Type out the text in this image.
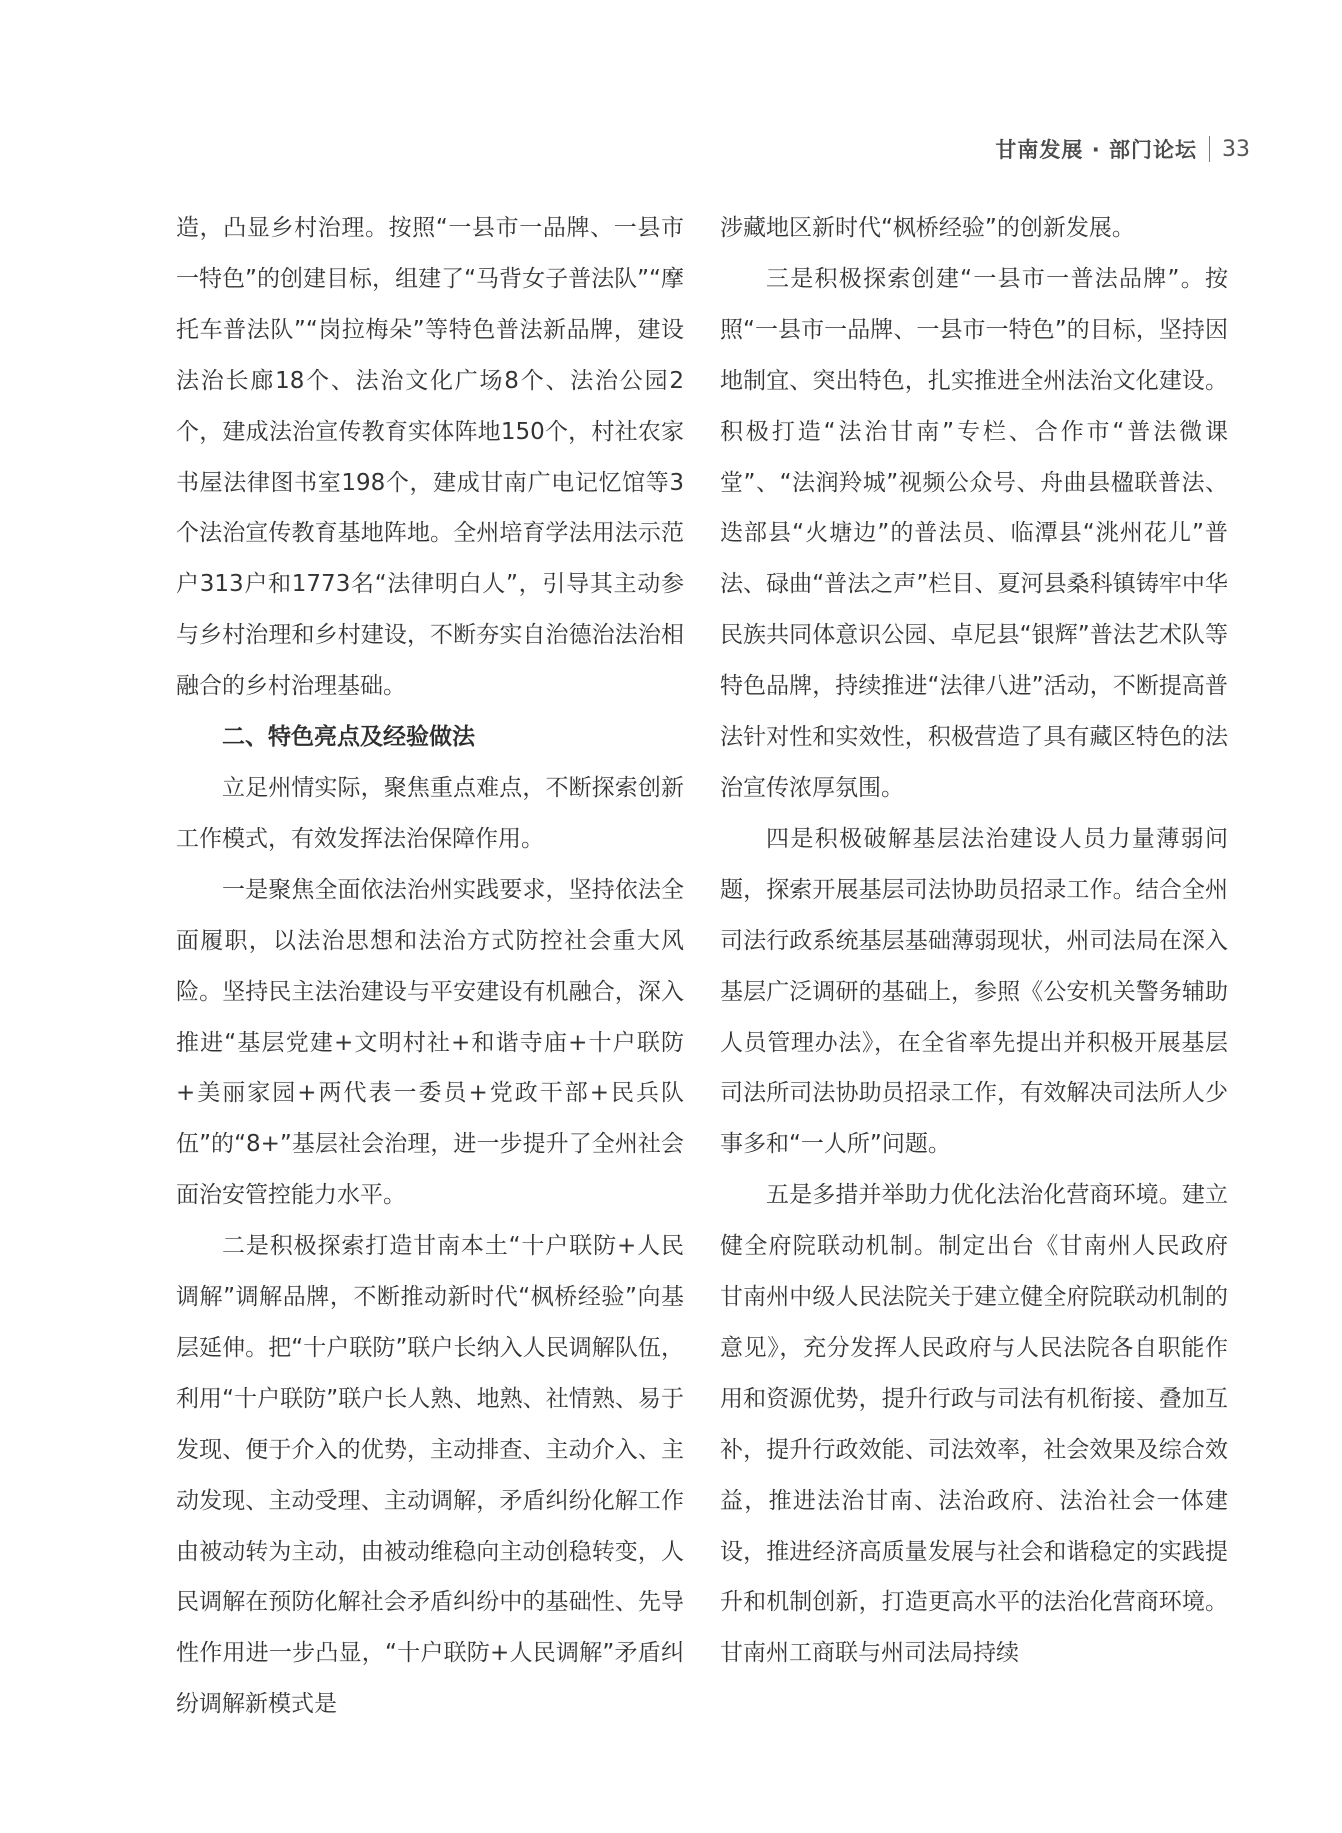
甘南发展 · 部门论坛 33

造，凸显乡村治理。按照“一县市一品牌、一县市一特色”的创建目标，组建了“马背女子普法队”“摩托车普法队”“岗拉梅朵”等特色普法新品牌，建设法治长廊18个、法治文化广场8个、法治公园2个，建成法治宣传教育实体阵地150个，村社农家书屋法律图书室198个，建成甘南广电记忆馆等3个法治宣传教育基地阵地。全州培育学法用法示范户313户和1773名“法律明白人”，引导其主动参与乡村治理和乡村建设，不断夯实自治德治法治相融合的乡村治理基础。

二、特色亮点及经验做法

立足州情实际，聚焦重点难点，不断探索创新工作模式，有效发挥法治保障作用。

一是聚焦全面依法治州实践要求，坚持依法全面履职，以法治思想和法治方式防控社会重大风险。坚持民主法治建设与平安建设有机融合，深入推进“基层党建+文明村社+和谐寺庙+十户联防+美丽家园+两代表一委员+党政干部+民兵队伍”的“8+”基层社会治理，进一步提升了全州社会面治安管控能力水平。

二是积极探索打造甘南本土“十户联防+人民调解”调解品牌，不断推动新时代“枫桥经验”向基层延伸。把“十户联防”联户长纳入人民调解队伍，利用“十户联防”联户长人熟、地熟、社情熟、易于发现、便于介入的优势，主动排查、主动介入、主动发现、主动受理、主动调解，矛盾纠纷化解工作由被动转为主动，由被动维稳向主动创稳转变，人民调解在预防化解社会矛盾纠纷中的基础性、先导性作用进一步凸显，“十户联防+人民调解”矛盾纠纷调解新模式是

涉藏地区新时代“枫桥经验”的创新发展。

三是积极探索创建“一县市一普法品牌”。按照“一县市一品牌、一县市一特色”的目标，坚持因地制宜、突出特色，扎实推进全州法治文化建设。积极打造“法治甘南”专栏、合作市“普法微课堂”、“法润羚城”视频公众号、舟曲县楹联普法、迭部县“火塘边”的普法员、临潭县“洮州花儿”普法、碌曲“普法之声”栏目、夏河县桑科镇铸牢中华民族共同体意识公园、卓尼县“银辉”普法艺术队等特色品牌，持续推进“法律八进”活动，不断提高普法针对性和实效性，积极营造了具有藏区特色的法治宣传浓厚氛围。

四是积极破解基层法治建设人员力量薄弱问题，探索开展基层司法协助员招录工作。结合全州司法行政系统基层基础薄弱现状，州司法局在深入基层广泛调研的基础上，参照《公安机关警务辅助人员管理办法》，在全省率先提出并积极开展基层司法所司法协助员招录工作，有效解决司法所人少事多和“一人所”问题。

五是多措并举助力优化法治化营商环境。建立健全府院联动机制。制定出台《甘南州人民政府 甘南州中级人民法院关于建立健全府院联动机制的意见》，充分发挥人民政府与人民法院各自职能作用和资源优势，提升行政与司法有机衔接、叠加互补，提升行政效能、司法效率，社会效果及综合效益，推进法治甘南、法治政府、法治社会一体建设，推进经济高质量发展与社会和谐稳定的实践提升和机制创新，打造更高水平的法治化营商环境。甘南州工商联与州司法局持续
